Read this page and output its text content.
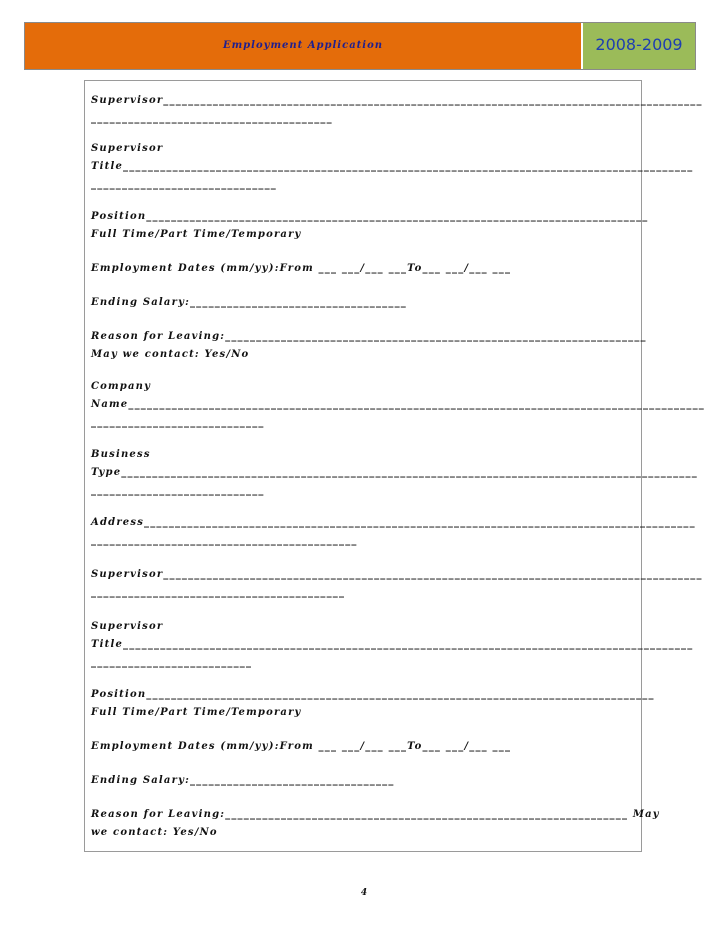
Employment Application	2008-2009

Supervisor_______________________________________________________________________________________

_______________________________________

Supervisor

Title____________________________________________________________________________________________

______________________________

Position_________________________________________________________________________________

Full Time/Part Time/Temporary

Employment Dates (mm/yy):From ___ ___/___ ___To___ ___/___ ___

Ending Salary:___________________________________

Reason for Leaving:____________________________________________________________________

May we contact: Yes/No

Company

Name_____________________________________________________________________________________________

____________________________

Business

Type_____________________________________________________________________________________________

____________________________

Address_________________________________________________________________________________________

___________________________________________

Supervisor_______________________________________________________________________________________

_________________________________________

Supervisor

Title____________________________________________________________________________________________

__________________________

Position__________________________________________________________________________________

Full Time/Part Time/Temporary

Employment Dates (mm/yy):From ___ ___/___ ___To___ ___/___ ___

Ending Salary:_________________________________

Reason for Leaving:_________________________________________________________________ May

we contact: Yes/No

4
